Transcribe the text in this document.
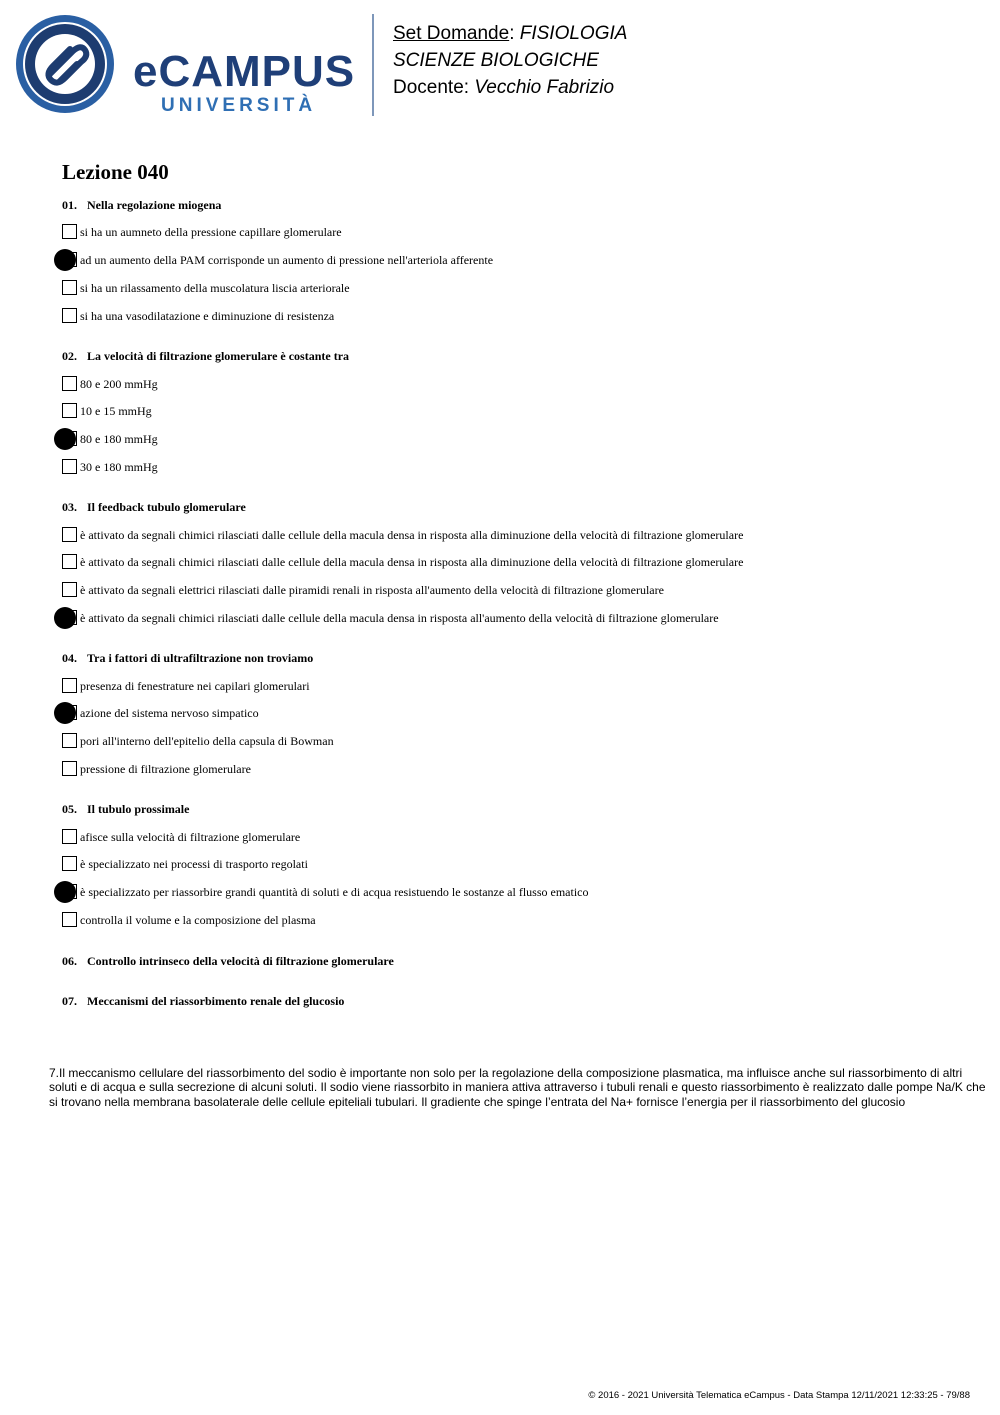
eCAMPUS
UNIVERSITÀ
Set Domande: FISIOLOGIA
SCIENZE BIOLOGICHE
Docente: Vecchio Fabrizio
Lezione 040
01. Nella regolazione miogena
si ha un aumneto della pressione capillare glomerulare
ad un aumento della PAM corrisponde un aumento di pressione nell'arteriola afferente
si ha un rilassamento della muscolatura liscia arteriorale
si ha una vasodilatazione e diminuzione di resistenza
02. La velocità di filtrazione glomerulare è costante tra
80 e 200 mmHg
10 e 15 mmHg
80 e 180 mmHg
30 e 180 mmHg
03. Il feedback tubulo glomerulare
è attivato da segnali chimici rilasciati dalle cellule della macula densa in risposta alla diminuzione della velocità di filtrazione glomerulare
è attivato da segnali chimici rilasciati dalle cellule della macula densa in risposta alla diminuzione della velocità di filtrazione glomerulare
è attivato da segnali elettrici rilasciati dalle piramidi renali in risposta all'aumento della velocità di filtrazione glomerulare
è attivato da segnali chimici rilasciati dalle cellule della macula densa in risposta all'aumento della velocità di filtrazione glomerulare
04. Tra i fattori di ultrafiltrazione non troviamo
presenza di fenestrature nei capilari glomerulari
azione del sistema nervoso simpatico
pori all'interno dell'epitelio della capsula di Bowman
pressione di filtrazione glomerulare
05. Il tubulo prossimale
afisce sulla velocità di filtrazione glomerulare
è specializzato nei processi di trasporto regolati
è specializzato per riassorbire grandi quantità di soluti e di acqua resistuendo le sostanze al flusso ematico
controlla il volume e la composizione del plasma
06. Controllo intrinseco della velocità di filtrazione glomerulare
07. Meccanismi del riassorbimento renale del glucosio
7.Il meccanismo cellulare del riassorbimento del sodio è importante non solo per la regolazione della composizione plasmatica, ma influisce anche sul riassorbimento di altri soluti e di acqua e sulla secrezione di alcuni soluti. Il sodio viene riassorbito in maniera attiva attraverso i tubuli renali e questo riassorbimento è realizzato dalle pompe Na/K che si trovano nella membrana basolaterale delle cellule epiteliali tubulari. Il gradiente che spinge l’entrata del Na+ fornisce l’energia per il riassorbimento del glucosio
© 2016 - 2021 Università Telematica eCampus - Data Stampa 12/11/2021 12:33:25 - 79/88
